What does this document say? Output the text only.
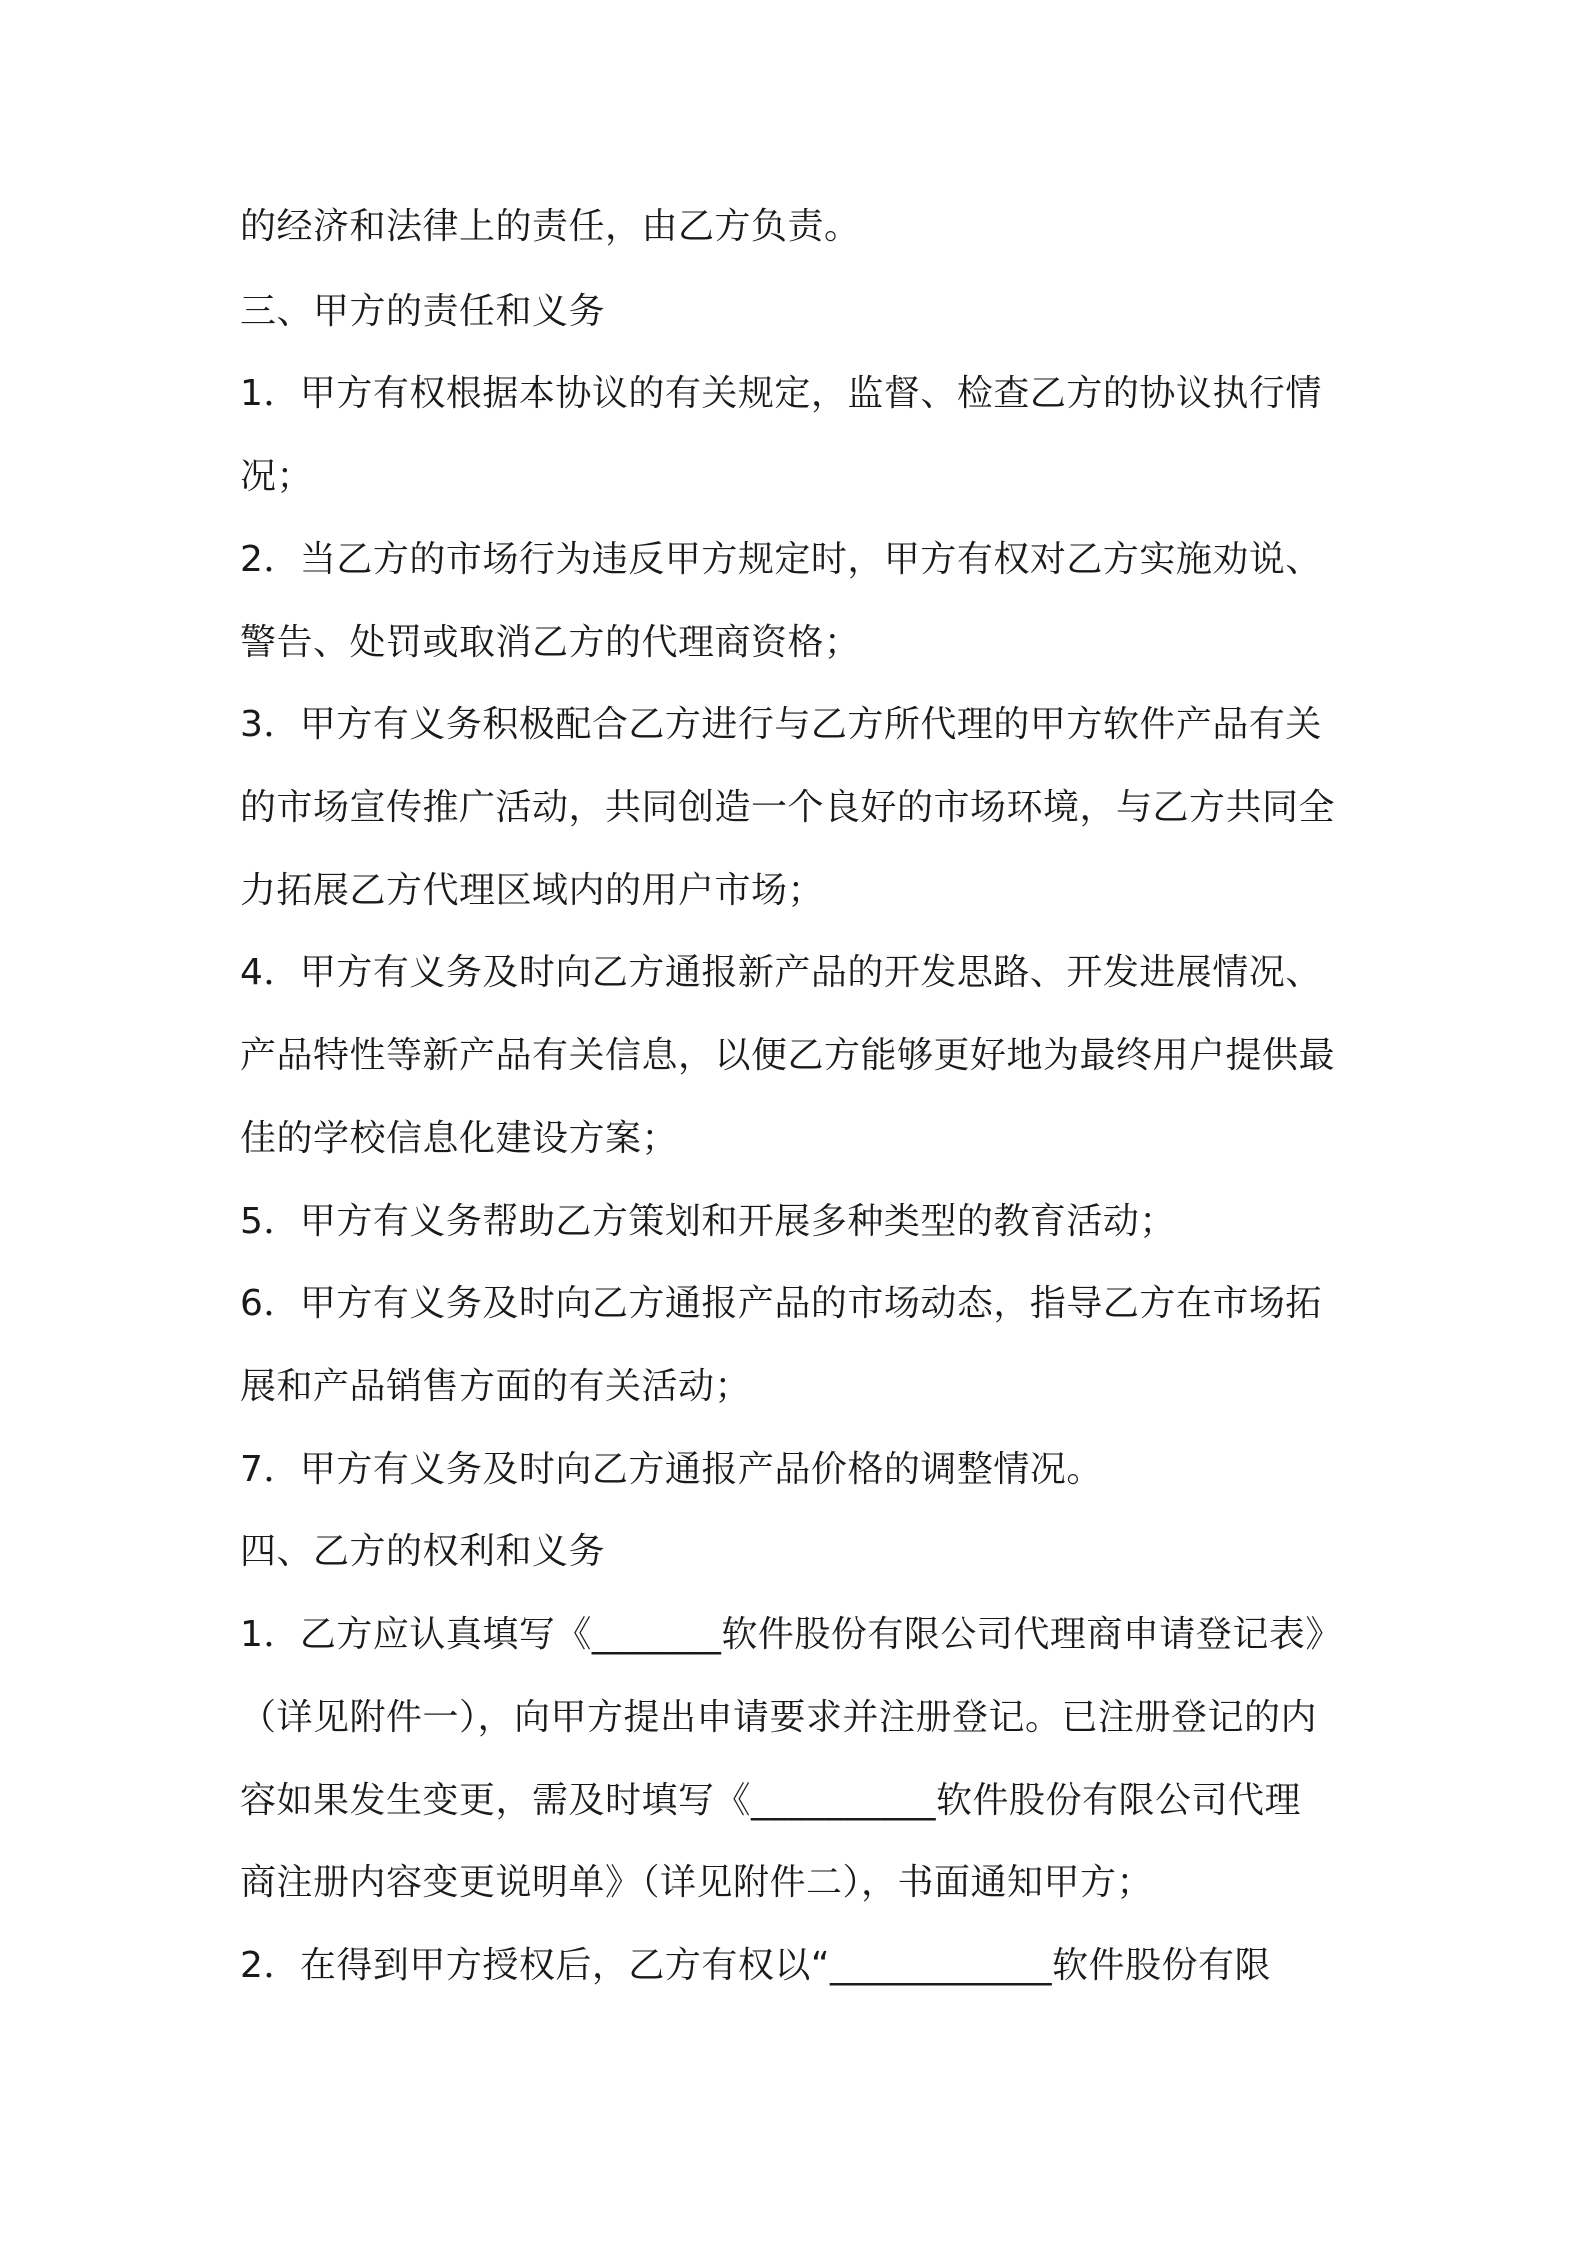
的经济和法律上的责任，由乙方负责。
三、甲方的责任和义务
1．甲方有权根据本协议的有关规定，监督、检查乙方的协议执行情
况；
2．当乙方的市场行为违反甲方规定时，甲方有权对乙方实施劝说、
警告、处罚或取消乙方的代理商资格；
3．甲方有义务积极配合乙方进行与乙方所代理的甲方软件产品有关
的市场宣传推广活动，共同创造一个良好的市场环境，与乙方共同全
力拓展乙方代理区域内的用户市场；
4．甲方有义务及时向乙方通报新产品的开发思路、开发进展情况、
产品特性等新产品有关信息，以便乙方能够更好地为最终用户提供最
佳的学校信息化建设方案；
5．甲方有义务帮助乙方策划和开展多种类型的教育活动；
6．甲方有义务及时向乙方通报产品的市场动态，指导乙方在市场拓
展和产品销售方面的有关活动；
7．甲方有义务及时向乙方通报产品价格的调整情况。
四、乙方的权利和义务
1．乙方应认真填写《_______软件股份有限公司代理商申请登记表》
（详见附件一），向甲方提出申请要求并注册登记。已注册登记的内
容如果发生变更，需及时填写《__________软件股份有限公司代理
商注册内容变更说明单》（详见附件二），书面通知甲方；
2．在得到甲方授权后，乙方有权以“____________软件股份有限
